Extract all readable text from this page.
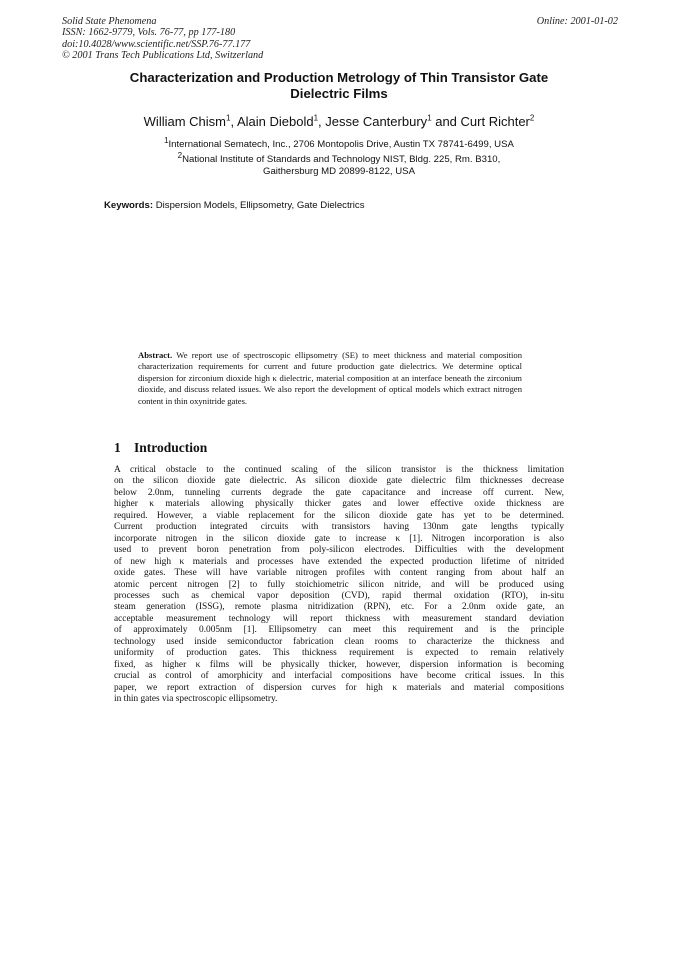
Solid State Phenomena
ISSN: 1662-9779, Vols. 76-77, pp 177-180
doi:10.4028/www.scientific.net/SSP.76-77.177
© 2001 Trans Tech Publications Ltd, Switzerland
Online: 2001-01-02
Characterization and Production Metrology of Thin Transistor Gate
Dielectric Films
William Chism$^1$, Alain Diebold$^1$, Jesse Canterbury$^1$ and Curt Richter$^2$
$^1$International Sematech, Inc., 2706 Montopolis Drive, Austin TX 78741-6499, USA
$^2$National Institute of Standards and Technology NIST, Bldg. 225, Rm. B310,
Gaithersburg MD 20899-8122, USA
Keywords: Dispersion Models, Ellipsometry, Gate Dielectrics
Abstract. We report use of spectroscopic ellipsometry (SE) to meet thickness and material composition characterization requirements for current and future production gate dielectrics. We determine optical dispersion for zirconium dioxide high κ dielectric, material composition at an interface beneath the zirconium dioxide, and discuss related issues. We also report the development of optical models which extract nitrogen content in thin oxynitride gates.
1 Introduction
A critical obstacle to the continued scaling of the silicon transistor is the thickness limitation
on the silicon dioxide gate dielectric. As silicon dioxide gate dielectric film thicknesses decrease
below 2.0nm, tunneling currents degrade the gate capacitance and increase off current. New,
higher κ materials allowing physically thicker gates and lower effective oxide thickness are
required. However, a viable replacement for the silicon dioxide gate has yet to be determined.
Current production integrated circuits with transistors having 130nm gate lengths typically
incorporate nitrogen in the silicon dioxide gate to increase κ [1]. Nitrogen incorporation is also
used to prevent boron penetration from poly-silicon electrodes. Difficulties with the development
of new high κ materials and processes have extended the expected production lifetime of nitrided
oxide gates. These will have variable nitrogen profiles with content ranging from about half an
atomic percent nitrogen [2] to fully stoichiometric silicon nitride, and will be produced using
processes such as chemical vapor deposition (CVD), rapid thermal oxidation (RTO), in-situ
steam generation (ISSG), remote plasma nitridization (RPN), etc. For a 2.0nm oxide gate, an
acceptable measurement technology will report thickness with measurement standard deviation
of approximately 0.005nm [1]. Ellipsometry can meet this requirement and is the principle
technology used inside semiconductor fabrication clean rooms to characterize the thickness and
uniformity of production gates. This thickness requirement is expected to remain relatively
fixed, as higher κ films will be physically thicker, however, dispersion information is becoming
crucial as control of amorphicity and interfacial compositions have become critical issues. In this
paper, we report extraction of dispersion curves for high κ materials and material compositions
in thin gates via spectroscopic ellipsometry.
